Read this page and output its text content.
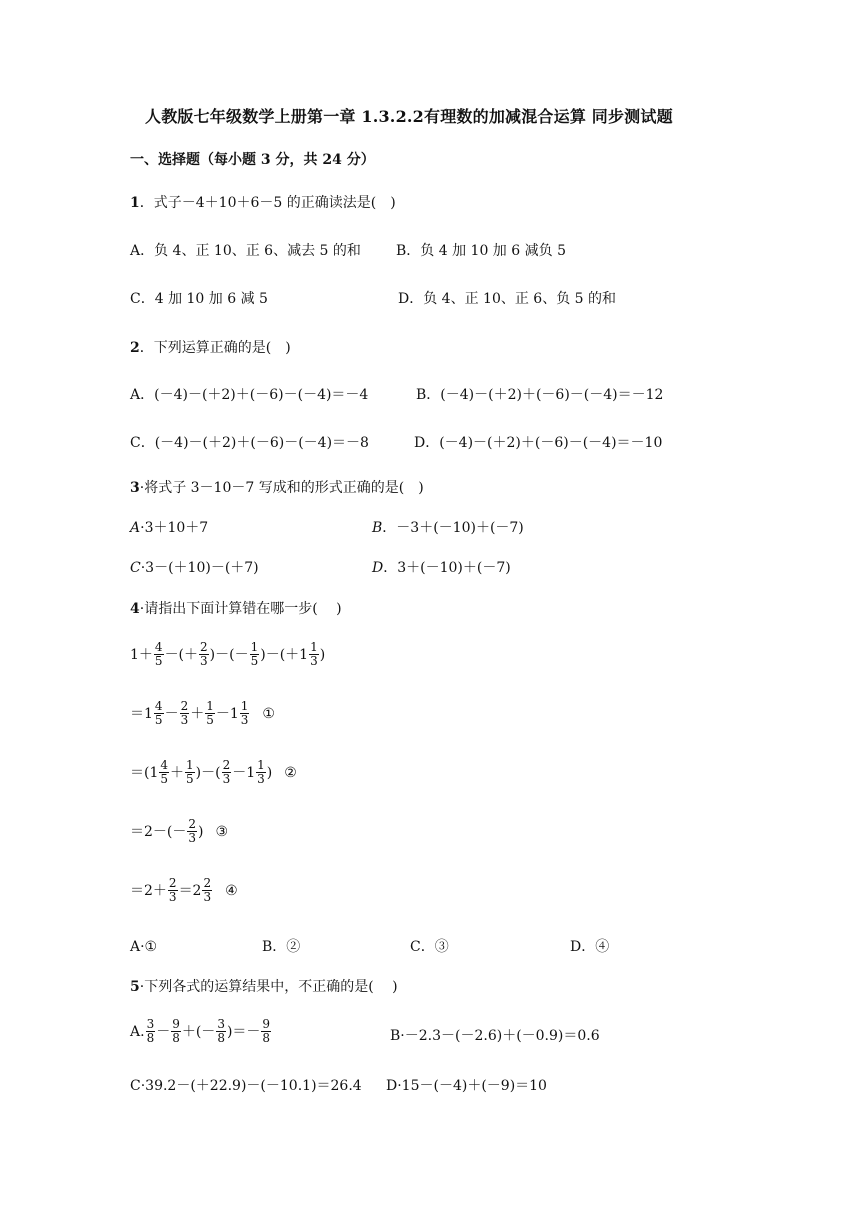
人教版七年级数学上册第一章 1.3.2.2有理数的加减混合运算 同步测试题
一、选择题（每小题 3 分，共 24 分）
1．式子－4＋10＋6－5 的正确读法是(　)
A．负 4、正 10、正 6、减去 5 的和	B．负 4 加 10 加 6 减负 5
C．4 加 10 加 6 减 5	D．负 4、正 10、正 6、负 5 的和
2．下列运算正确的是(　)
A．(－4)－(＋2)＋(－6)－(－4)＝－4	B．(－4)－(＋2)＋(－6)－(－4)＝－12
C．(－4)－(＋2)＋(－6)－(－4)＝－8	D．(－4)－(＋2)＋(－6)－(－4)＝－10
3·将式子 3－10－7 写成和的形式正确的是(　)
A·3＋10＋7	B．－3＋(－10)＋(－7)
C·3－(＋10)－(＋7)	D．3＋(－10)＋(－7)
4·请指出下面计算错在哪一步(　 )
$1+ \frac{4}{5}$ －(＋ $\frac{2}{3}$ )－(－ $\frac{1}{5} )-(+1 \frac{1}{3}$ )
$=1 \frac{4}{5} - \frac{2}{3} + \frac{1}{5} -1 \frac{1}{3}$ ①
$=(1 \frac{4}{5} + \frac{1}{5}$ )－( $\frac{2}{3} -1 \frac{1}{3}$ ) ②
$=2-(- \frac{2}{3}$ ) ③
$=2+ \frac{2}{3} =2 \frac{2}{3}$ ④
A·①	B．②	C．③	D．④
5·下列各式的运算结果中，不正确的是(　 )
A. $\frac{3}{8} - \frac{9}{8}$ ＋(－ $\frac{3}{8}$ )＝－ $\frac{9}{8}$	B·－2.3－(－2.6)＋(－0.9)＝0.6
C·39.2－(＋22.9)－(－10.1)＝26.4 D·15－(－4)＋(－9)＝10
